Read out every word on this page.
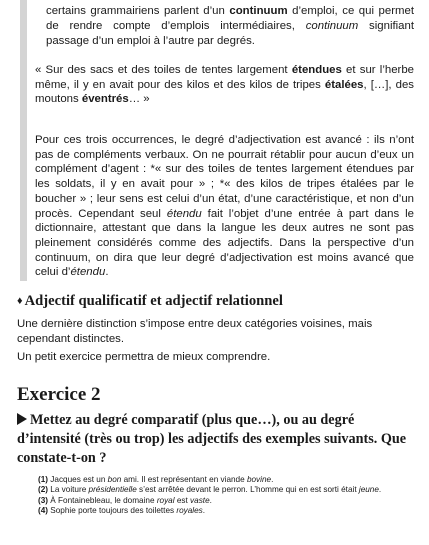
certains grammairiens parlent d’un continuum d’emploi, ce qui permet de rendre compte d’emplois intermédiaires, continuum signifiant passage d’un emploi à l’autre par degrés.

« Sur des sacs et des toiles de tentes largement étendues et sur l’herbe même, il y en avait pour des kilos et des kilos de tripes étalées, […], des moutons éventrés… »

Pour ces trois occurrences, le degré d’adjectivation est avancé : ils n’ont pas de compléments verbaux. On ne pourrait rétablir pour aucun d’eux un complément d’agent : *« sur des toiles de tentes largement étendues par les soldats, il y en avait pour » ; *« des kilos de tripes étalées par le boucher » ; leur sens est celui d’un état, d’une caractéristique, et non d’un procès. Cependant seul étendu fait l’objet d’une entrée à part dans le dictionnaire, attestant que dans la langue les deux autres ne sont pas pleinement considérés comme des adjectifs. Dans la perspective d’un continuum, on dira que leur degré d’adjectivation est moins avancé que celui d’étendu.

♦ Adjectif qualificatif et adjectif relationnel

Une dernière distinction s’impose entre deux catégories voisines, mais cependant distinctes.

Un petit exercice permettra de mieux comprendre.

Exercice 2

Mettez au degré comparatif (plus que…), ou au degré d’intensité (très ou trop) les adjectifs des exemples suivants. Que constate-t-on ?

(1) Jacques est un bon ami. Il est représentant en viande bovine.
(2) La voiture présidentielle s’est arrêtée devant le perron. L’homme qui en est sorti était jeune.
(3) À Fontainebleau, le domaine royal est vaste.
(4) Sophie porte toujours des toilettes royales.
